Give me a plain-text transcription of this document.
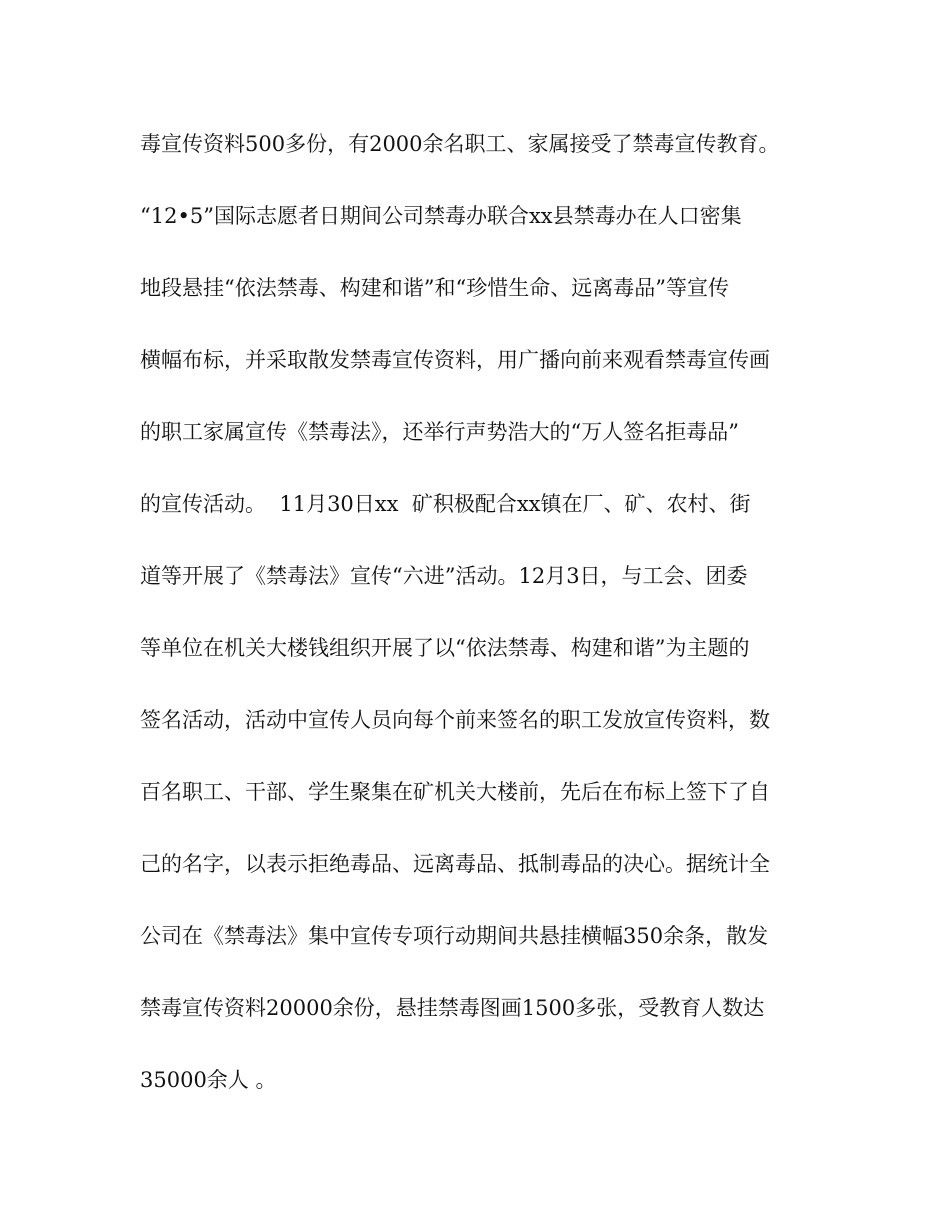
毒宣传资料500多份，有2000余名职工、家属接受了禁毒宣传教育。
“12•5”国际志愿者日期间公司禁毒办联合xx县禁毒办在人口密集
地段悬挂“依法禁毒、构建和谐”和“珍惜生命、远离毒品”等宣传
横幅布标，并采取散发禁毒宣传资料，用广播向前来观看禁毒宣传画
的职工家属宣传《禁毒法》，还举行声势浩大的“万人签名拒毒品”
的宣传活动。  11月30日xx  矿积极配合xx镇在厂、矿、农村、街
道等开展了《禁毒法》宣传“六进”活动。12月3日，与工会、团委
等单位在机关大楼钱组织开展了以“依法禁毒、构建和谐”为主题的
签名活动，活动中宣传人员向每个前来签名的职工发放宣传资料，数
百名职工、干部、学生聚集在矿机关大楼前，先后在布标上签下了自
己的名字，以表示拒绝毒品、远离毒品、抵制毒品的决心。据统计全
公司在《禁毒法》集中宣传专项行动期间共悬挂横幅350余条，散发
禁毒宣传资料20000余份，悬挂禁毒图画1500多张，受教育人数达
35000余人 。
